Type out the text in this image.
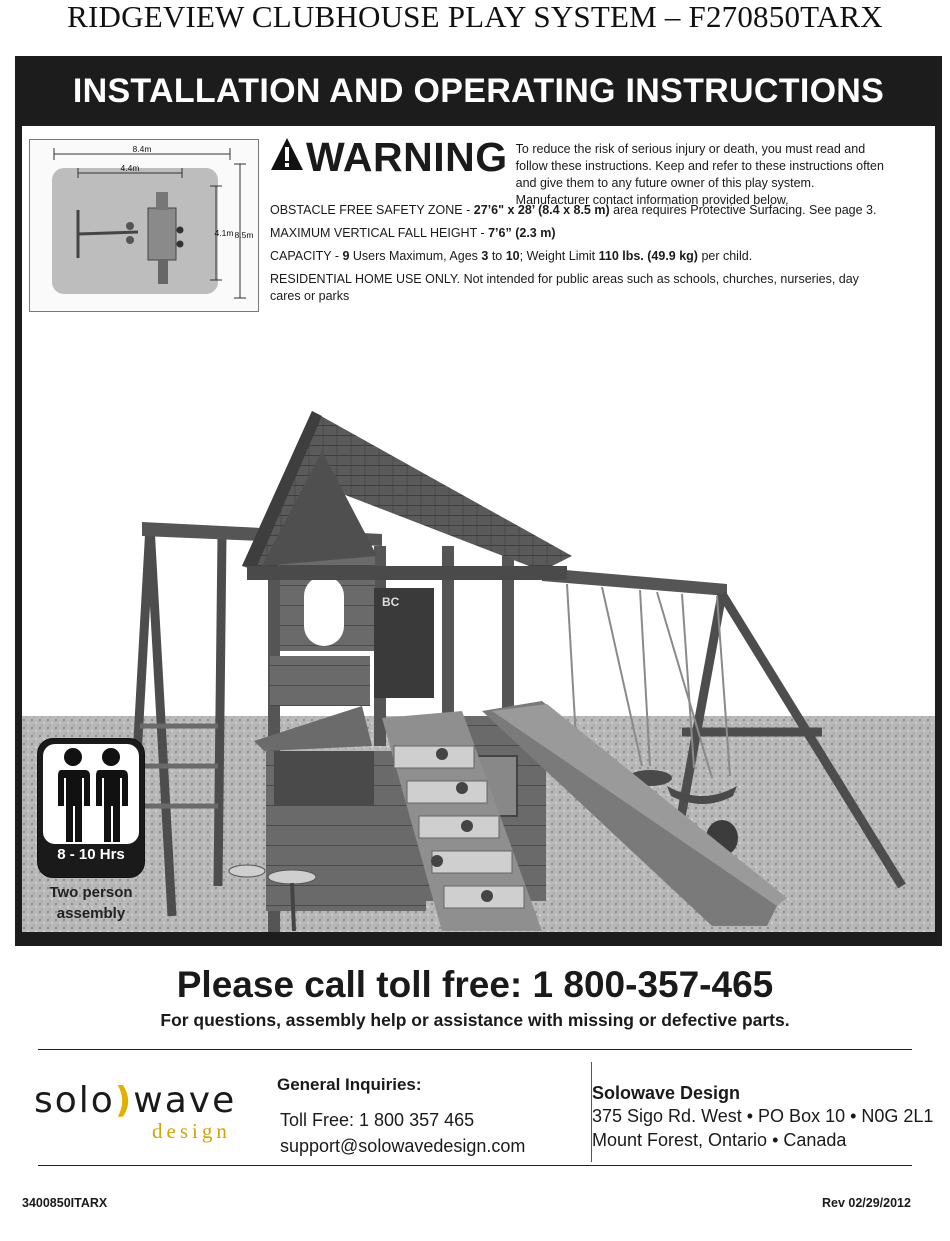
RIDGEVIEW CLUBHOUSE PLAY SYSTEM – F270850TARX
INSTALLATION AND OPERATING INSTRUCTIONS
BC
8.4m
4.4m
4.1m 8.5m
WARNING To reduce the risk of serious injury or death, you must read and follow these instructions. Keep and refer to these instructions often and give them to any future owner of this play system. Manufacturer contact information provided below.

OBSTACLE FREE SAFETY ZONE - 27’6" x 28’ (8.4 x 8.5 m) area requires Protective Surfacing. See page 3.

MAXIMUM VERTICAL FALL HEIGHT - 7’6” (2.3 m)

CAPACITY - 9 Users Maximum, Ages 3 to 10; Weight Limit 110 lbs. (49.9 kg) per child.

RESIDENTIAL HOME USE ONLY. Not intended for public areas such as schools, churches, nurseries, day cares or parks

8 - 10 Hrs
Two person
assembly
Please call toll free: 1 800-357-465
For questions, assembly help or assistance with missing or defective parts.
solo)wave
design
General Inquiries:
Toll Free: 1 800 357 465
support@solowavedesign.com
Solowave Design
375 Sigo Rd. West • PO Box 10 • N0G 2L1
Mount Forest, Ontario • Canada
3400850ITARX	Rev 02/29/2012
